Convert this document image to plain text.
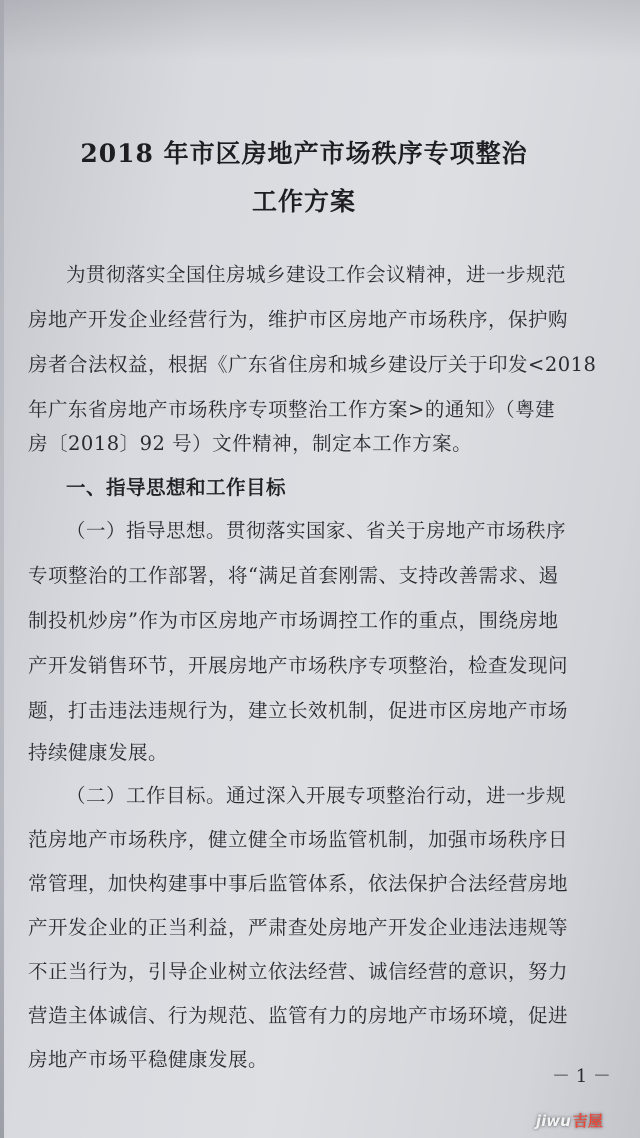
2018 年市区房地产市场秩序专项整治
工作方案
为贯彻落实全国住房城乡建设工作会议精神，进一步规范
房地产开发企业经营行为，维护市区房地产市场秩序，保护购
房者合法权益，根据《广东省住房和城乡建设厅关于印发<2018
年广东省房地产市场秩序专项整治工作方案>的通知》（粤建
房〔2018〕92 号）文件精神，制定本工作方案。
一、指导思想和工作目标
（一）指导思想。贯彻落实国家、省关于房地产市场秩序
专项整治的工作部署，将“满足首套刚需、支持改善需求、遏
制投机炒房”作为市区房地产市场调控工作的重点，围绕房地
产开发销售环节，开展房地产市场秩序专项整治，检查发现问
题，打击违法违规行为，建立长效机制，促进市区房地产市场
持续健康发展。
（二）工作目标。通过深入开展专项整治行动，进一步规
范房地产市场秩序，健立健全市场监管机制，加强市场秩序日
常管理，加快构建事中事后监管体系，依法保护合法经营房地
产开发企业的正当利益，严肃查处房地产开发企业违法违规等
不正当行为，引导企业树立依法经营、诚信经营的意识，努力
营造主体诚信、行为规范、监管有力的房地产市场环境，促进
房地产市场平稳健康发展。
－ 1 －
jiwu 吉屋
